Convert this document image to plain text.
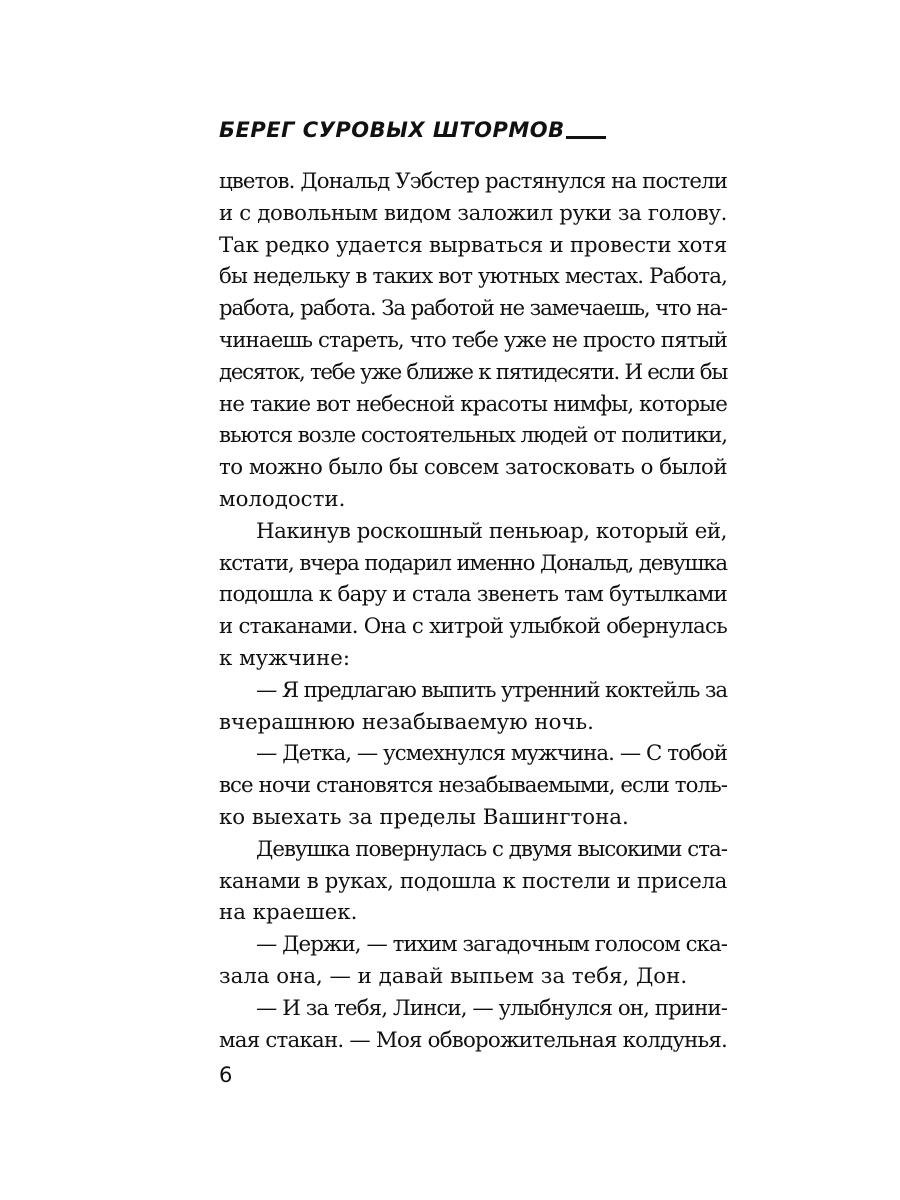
БЕРЕГ СУРОВЫХ ШТОРМОВ
цветов. Дональд Уэбстер растянулся на постели
и с довольным видом заложил руки за голову.
Так редко удается вырваться и провести хотя
бы недельку в таких вот уютных местах. Работа,
работа, работа. За работой не замечаешь, что на-
чинаешь стареть, что тебе уже не просто пятый
десяток, тебе уже ближе к пятидесяти. И если бы
не такие вот небесной красоты нимфы, которые
вьются возле состоятельных людей от политики,
то можно было бы совсем затосковать о былой
молодости.
Накинув роскошный пеньюар, который ей,
кстати, вчера подарил именно Дональд, девушка
подошла к бару и стала звенеть там бутылками
и стаканами. Она с хитрой улыбкой обернулась
к мужчине:
— Я предлагаю выпить утренний коктейль за
вчерашнюю незабываемую ночь.
— Детка, — усмехнулся мужчина. — С тобой
все ночи становятся незабываемыми, если толь-
ко выехать за пределы Вашингтона.
Девушка повернулась с двумя высокими ста-
канами в руках, подошла к постели и присела
на краешек.
— Держи, — тихим загадочным голосом ска-
зала она, — и давай выпьем за тебя, Дон.
— И за тебя, Линси, — улыбнулся он, прини-
мая стакан. — Моя обворожительная колдунья.
6
